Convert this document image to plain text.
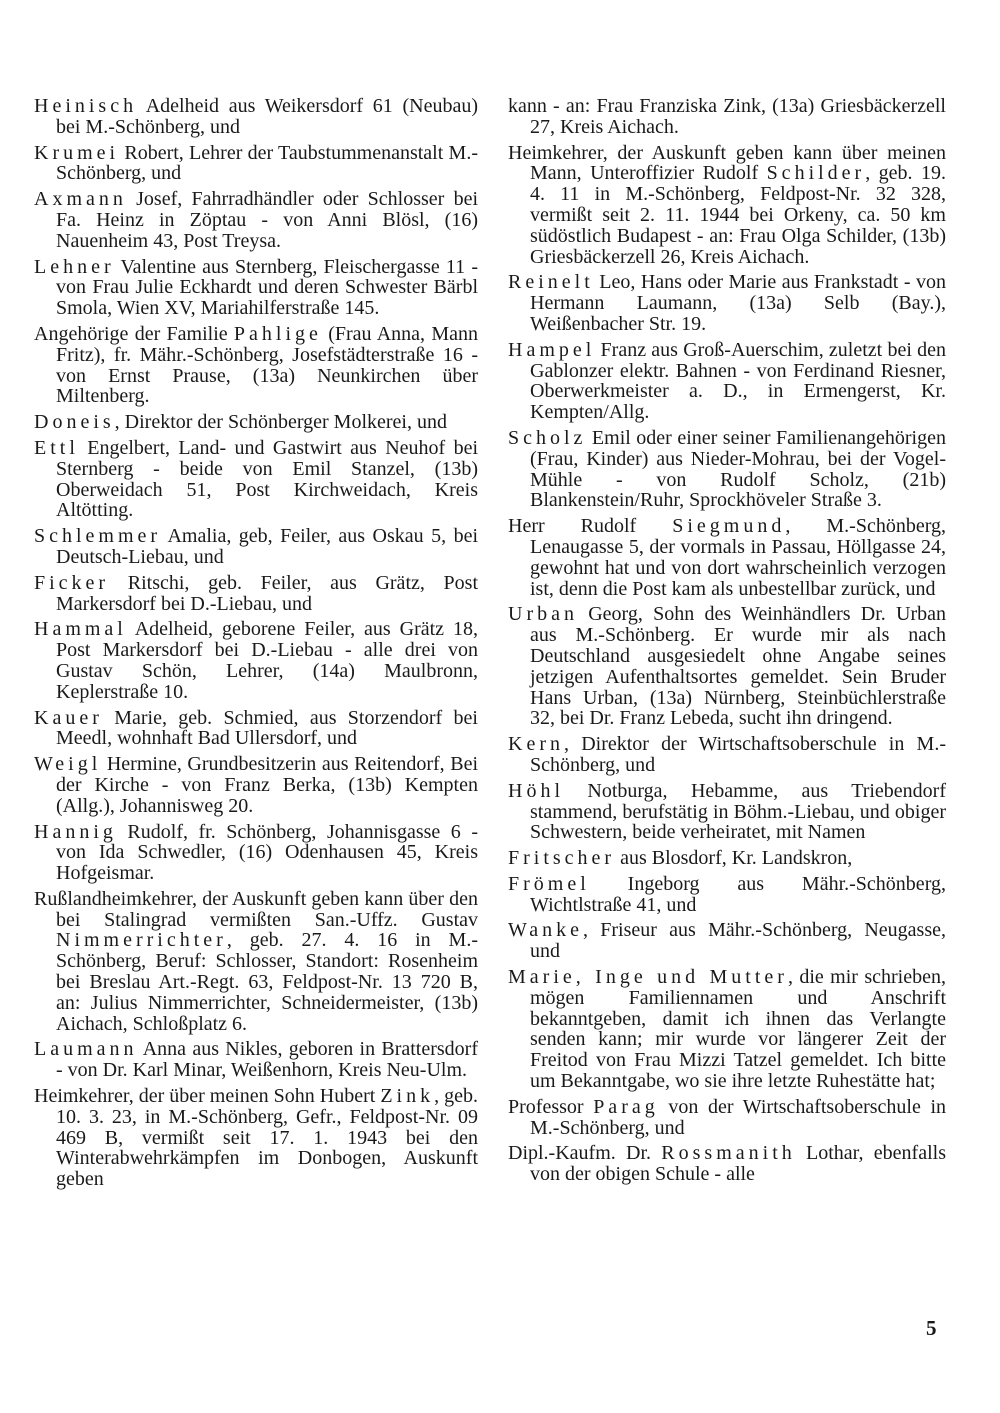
Heinisch Adelheid aus Weikersdorf 61 (Neubau) bei M.-Schönberg, und

Krumei Robert, Lehrer der Taubstummenanstalt M.-Schönberg, und

Axmann Josef, Fahrradhändler oder Schlosser bei Fa. Heinz in Zöptau - von Anni Blösl, (16) Nauenheim 43, Post Treysa.

Lehner Valentine aus Sternberg, Fleischergasse 11 - von Frau Julie Eckhardt und deren Schwester Bärbl Smola, Wien XV, Mariahilferstraße 145.

Angehörige der Familie Pahlige (Frau Anna, Mann Fritz), fr. Mähr.-Schönberg, Josefstädterstraße 16 - von Ernst Prause, (13a) Neunkirchen über Miltenberg.

Doneis, Direktor der Schönberger Molkerei, und

Ettl Engelbert, Land- und Gastwirt aus Neuhof bei Sternberg - beide von Emil Stanzel, (13b) Oberweidach 51, Post Kirchweidach, Kreis Altötting.

Schlemmer Amalia, geb, Feiler, aus Oskau 5, bei Deutsch-Liebau, und

Ficker Ritschi, geb. Feiler, aus Grätz, Post Markersdorf bei D.-Liebau, und

Hammal Adelheid, geborene Feiler, aus Grätz 18, Post Markersdorf bei D.-Liebau - alle drei von Gustav Schön, Lehrer, (14a) Maulbronn, Keplerstraße 10.

Kauer Marie, geb. Schmied, aus Storzendorf bei Meedl, wohnhaft Bad Ullersdorf, und

Weigl Hermine, Grundbesitzerin aus Reitendorf, Bei der Kirche - von Franz Berka, (13b) Kempten (Allg.), Johannisweg 20.

Hannig Rudolf, fr. Schönberg, Johannisgasse 6 - von Ida Schwedler, (16) Odenhausen 45, Kreis Hofgeismar.

Rußlandheimkehrer, der Auskunft geben kann über den bei Stalingrad vermißten San.-Uffz. Gustav Nimmerrichter, geb. 27. 4. 16 in M.-Schönberg, Beruf: Schlosser, Standort: Rosenheim bei Breslau Art.-Regt. 63, Feldpost-Nr. 13 720 B, an: Julius Nimmerrichter, Schneidermeister, (13b) Aichach, Schloßplatz 6.

Laumann Anna aus Nikles, geboren in Brattersdorf - von Dr. Karl Minar, Weißenhorn, Kreis Neu-Ulm.

Heimkehrer, der über meinen Sohn Hubert Zink, geb. 10. 3. 23, in M.-Schönberg, Gefr., Feldpost-Nr. 09 469 B, vermißt seit 17. 1. 1943 bei den Winterabwehrkämpfen im Donbogen, Auskunft geben

kann - an: Frau Franziska Zink, (13a) Griesbäckerzell 27, Kreis Aichach.

Heimkehrer, der Auskunft geben kann über meinen Mann, Unteroffizier Rudolf Schilder, geb. 19. 4. 11 in M.-Schönberg, Feldpost-Nr. 32 328, vermißt seit 2. 11. 1944 bei Orkeny, ca. 50 km südöstlich Budapest - an: Frau Olga Schilder, (13b) Griesbäckerzell 26, Kreis Aichach.

Reinelt Leo, Hans oder Marie aus Frankstadt - von Hermann Laumann, (13a) Selb (Bay.), Weißenbacher Str. 19.

Hampel Franz aus Groß-Auerschim, zuletzt bei den Gablonzer elektr. Bahnen - von Ferdinand Riesner, Oberwerkmeister a. D., in Ermengerst, Kr. Kempten/Allg.

Scholz Emil oder einer seiner Familienangehörigen (Frau, Kinder) aus Nieder-Mohrau, bei der Vogel-Mühle - von Rudolf Scholz, (21b) Blankenstein/Ruhr, Sprockhöveler Straße 3.

Herr Rudolf Siegmund, M.-Schönberg, Lenaugasse 5, der vormals in Passau, Höllgasse 24, gewohnt hat und von dort wahrscheinlich verzogen ist, denn die Post kam als unbestellbar zurück, und

Urban Georg, Sohn des Weinhändlers Dr. Urban aus M.-Schönberg. Er wurde mir als nach Deutschland ausgesiedelt ohne Angabe seines jetzigen Aufenthaltsortes gemeldet. Sein Bruder Hans Urban, (13a) Nürnberg, Steinbüchlerstraße 32, bei Dr. Franz Lebeda, sucht ihn dringend.

Kern, Direktor der Wirtschaftsoberschule in M.-Schönberg, und

Höhl Notburga, Hebamme, aus Triebendorf stammend, berufstätig in Böhm.-Liebau, und obiger Schwestern, beide verheiratet, mit Namen

Fritscher aus Blosdorf, Kr. Landskron,

Frömel Ingeborg aus Mähr.-Schönberg, Wichtlstraße 41, und

Wanke, Friseur aus Mähr.-Schönberg, Neugasse, und

Marie, Inge und Mutter, die mir schrieben, mögen Familiennamen und Anschrift bekanntgeben, damit ich ihnen das Verlangte senden kann; mir wurde vor längerer Zeit der Freitod von Frau Mizzi Tatzel gemeldet. Ich bitte um Bekanntgabe, wo sie ihre letzte Ruhestätte hat;

Professor Parag von der Wirtschaftsoberschule in M.-Schönberg, und

Dipl.-Kaufm. Dr. Rossmanith Lothar, ebenfalls von der obigen Schule - alle

5
